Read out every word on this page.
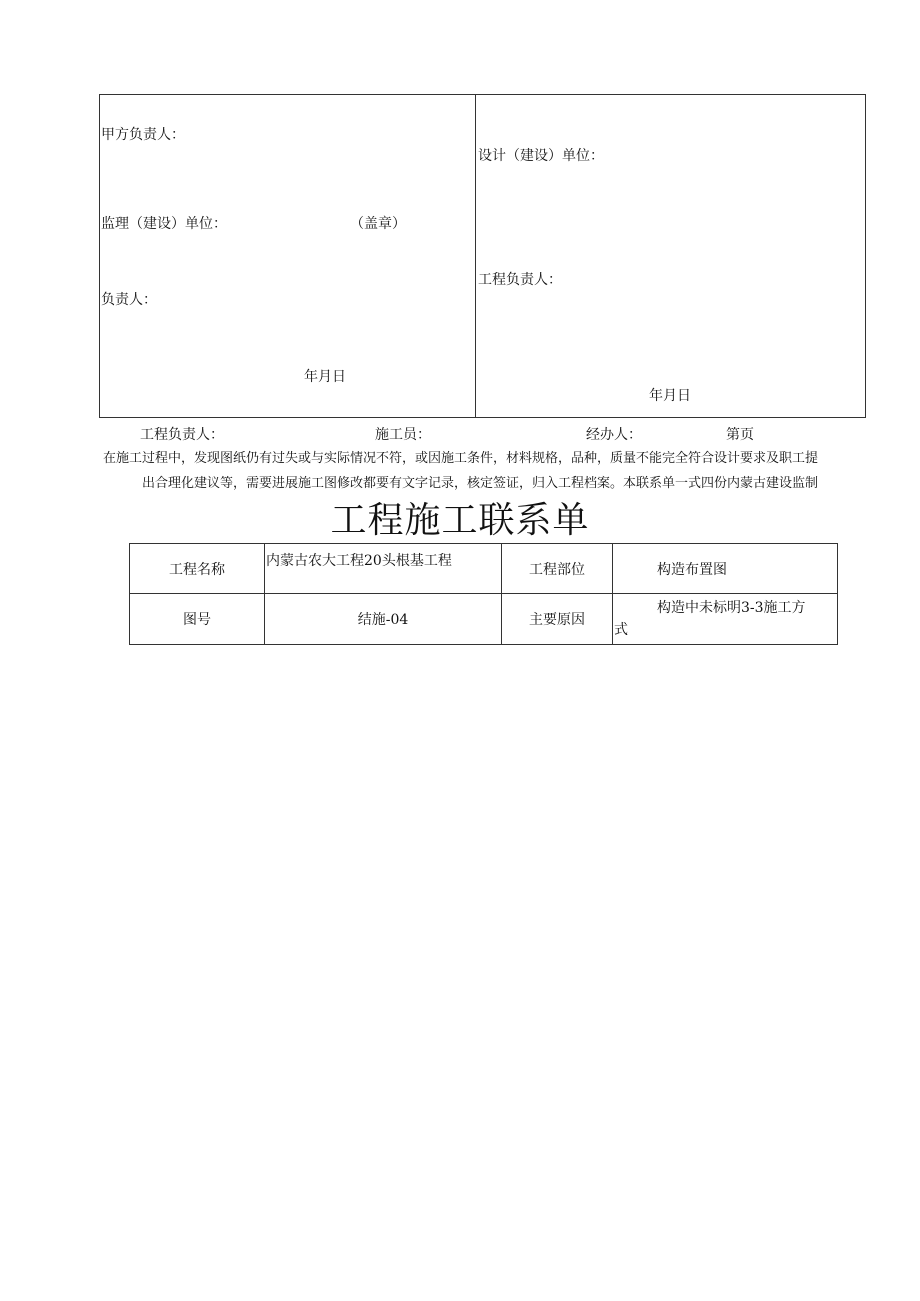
甲方负责人：
监理（建设）单位：	（盖章）
负责人：
年月日
设计（建设）单位：
工程负责人：
年月日
工程负责人：	施工员：	经办人：	第页
在施工过程中，发现图纸仍有过失或与实际情况不符，或因施工条件，材料规格，品种，质量不能完全符合设计要求及职工提
出合理化建议等，需要进展施工图修改都要有文字记录，核定签证，归入工程档案。本联系单一式四份内蒙古建设监制
工程施工联系单
工程名称	内蒙古农大工程20头根基工程	工程部位	构造布置图
图号	结施-04	主要原因	构造中未标明3-3施工方
式
